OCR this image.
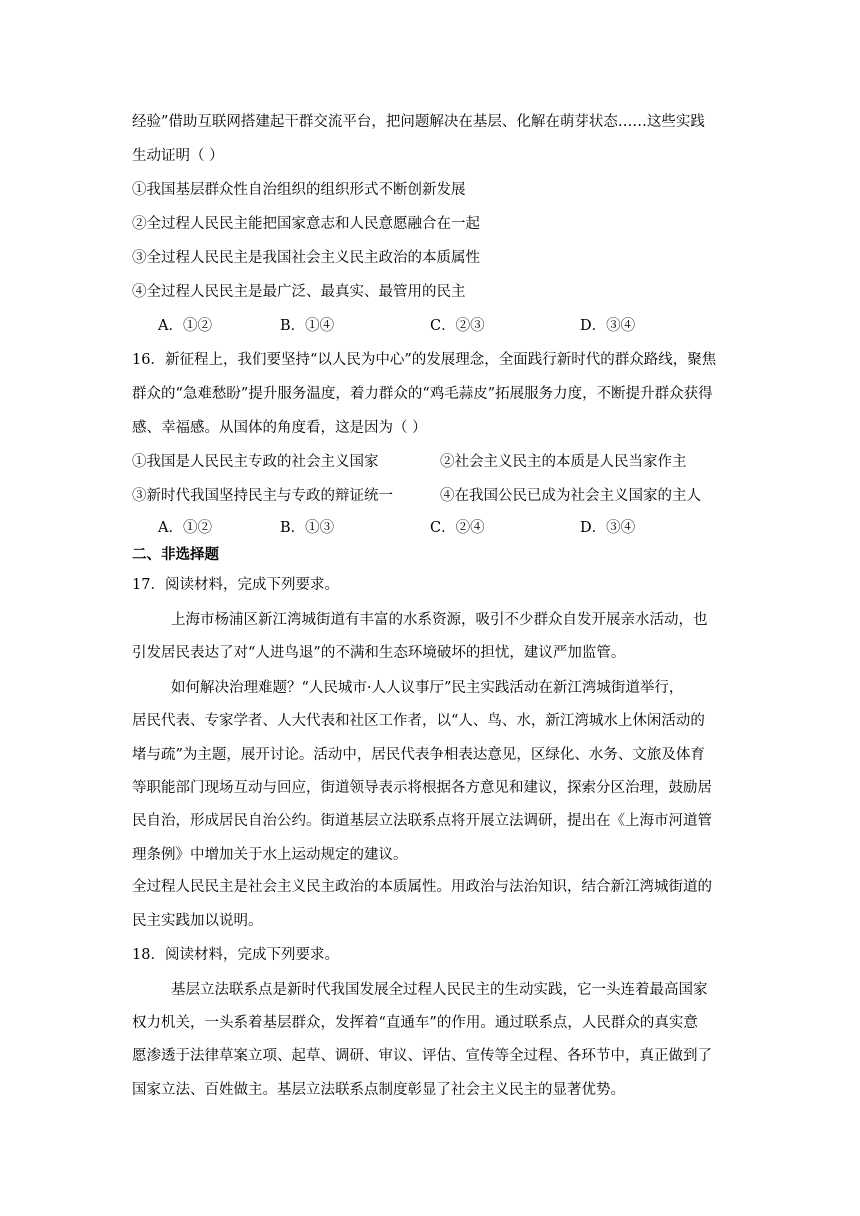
经验”借助互联网搭建起干群交流平台，把问题解决在基层、化解在萌芽状态……这些实践
生动证明（ ）
①我国基层群众性自治组织的组织形式不断创新发展
②全过程人民民主能把国家意志和人民意愿融合在一起
③全过程人民民主是我国社会主义民主政治的本质属性
④全过程人民民主是最广泛、最真实、最管用的民主
A．①②	B．①④	C．②③	D．③④
16．新征程上，我们要坚持“以人民为中心”的发展理念，全面践行新时代的群众路线，聚焦
群众的“急难愁盼”提升服务温度，着力群众的“鸡毛蒜皮”拓展服务力度，不断提升群众获得
感、幸福感。从国体的角度看，这是因为（ ）
①我国是人民民主专政的社会主义国家	②社会主义民主的本质是人民当家作主
③新时代我国坚持民主与专政的辩证统一	④在我国公民已成为社会主义国家的主人
A．①②	B．①③	C．②④	D．③④
二、非选择题
17．阅读材料，完成下列要求。
上海市杨浦区新江湾城街道有丰富的水系资源，吸引不少群众自发开展亲水活动，也
引发居民表达了对“人进鸟退”的不满和生态环境破坏的担忧，建议严加监管。
如何解决治理难题？“人民城市·人人议事厅”民主实践活动在新江湾城街道举行，
居民代表、专家学者、人大代表和社区工作者，以“人、鸟、水，新江湾城水上休闲活动的
堵与疏”为主题，展开讨论。活动中，居民代表争相表达意见，区绿化、水务、文旅及体育
等职能部门现场互动与回应，街道领导表示将根据各方意见和建议，探索分区治理，鼓励居
民自治，形成居民自治公约。街道基层立法联系点将开展立法调研，提出在《上海市河道管
理条例》中增加关于水上运动规定的建议。
全过程人民民主是社会主义民主政治的本质属性。用政治与法治知识，结合新江湾城街道的
民主实践加以说明。
18．阅读材料，完成下列要求。
基层立法联系点是新时代我国发展全过程人民民主的生动实践，它一头连着最高国家
权力机关，一头系着基层群众，发挥着“直通车”的作用。通过联系点，人民群众的真实意
愿渗透于法律草案立项、起草、调研、审议、评估、宣传等全过程、各环节中，真正做到了
国家立法、百姓做主。基层立法联系点制度彰显了社会主义民主的显著优势。
